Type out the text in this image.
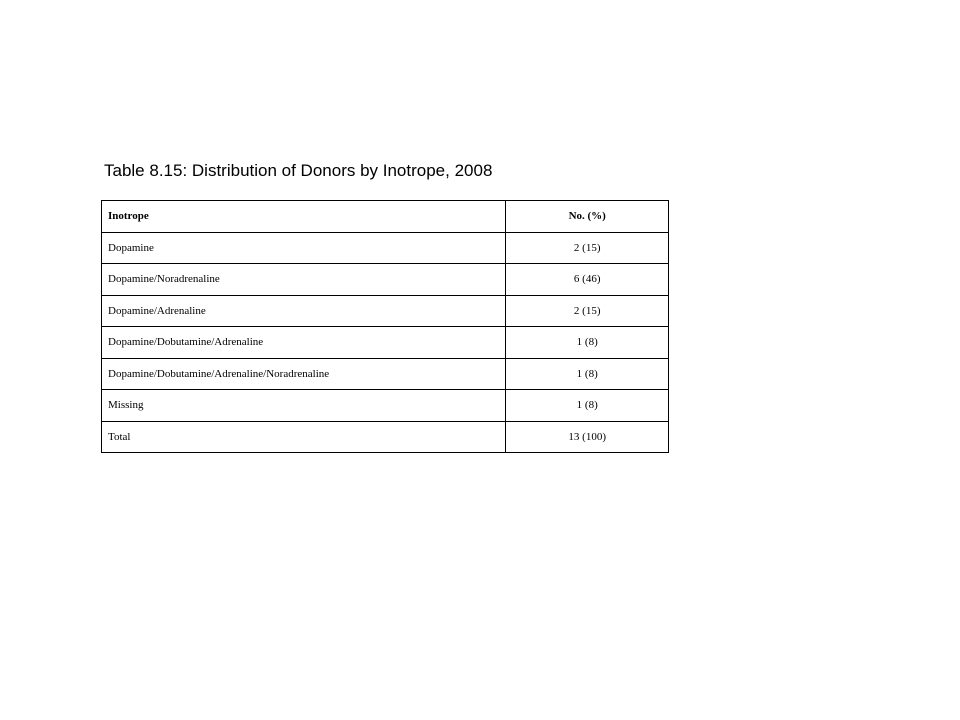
Table 8.15: Distribution of Donors by Inotrope, 2008
Inotrope	No. (%)
Dopamine	2 (15)
Dopamine/Noradrenaline	6 (46)
Dopamine/Adrenaline	2 (15)
Dopamine/Dobutamine/Adrenaline	1 (8)
Dopamine/Dobutamine/Adrenaline/Noradrenaline	1 (8)
Missing	1 (8)
Total	13 (100)
